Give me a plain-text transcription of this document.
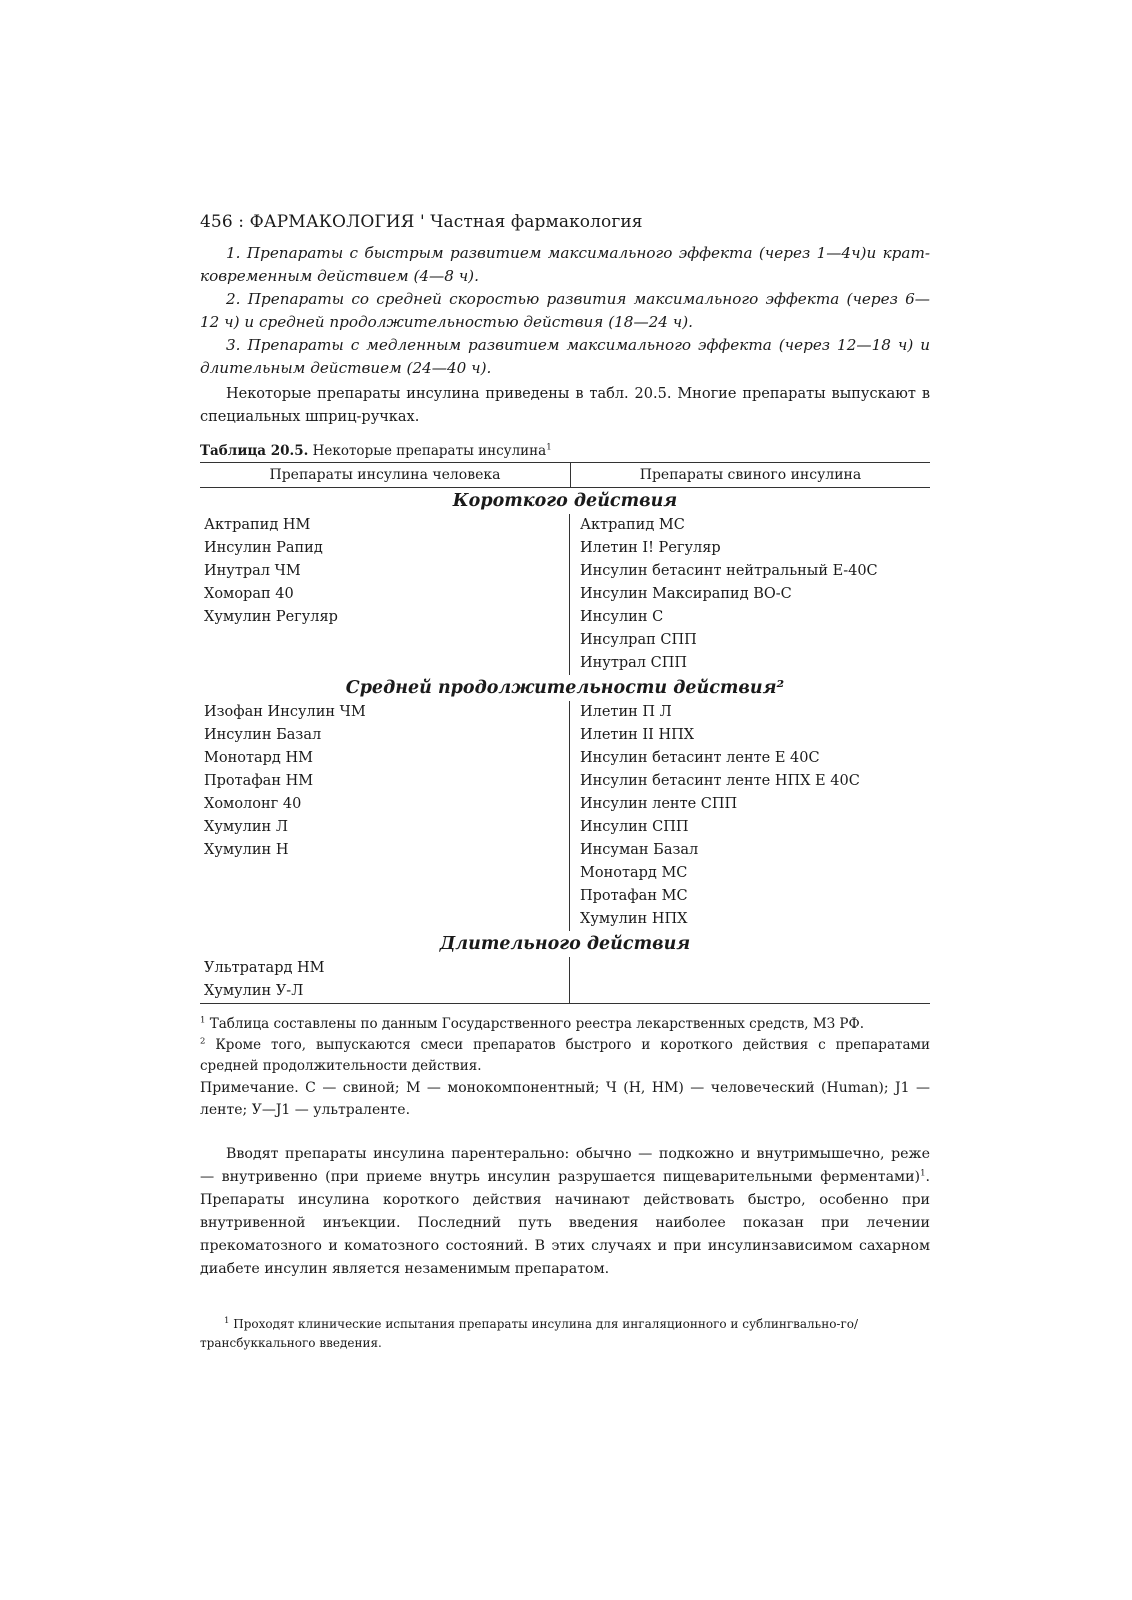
456 : ФАРМАКОЛОГИЯ ' Частная фармакология
1. Препараты с быстрым развитием максимального эффекта (через 1—4ч)и кратковременным действием (4—8 ч).
2. Препараты со средней скоростью развития максимального эффекта (через 6— 12 ч) и средней продолжительностью действия (18—24 ч).
3. Препараты с медленным развитием максимального эффекта (через 12—18 ч) и длительным действием (24—40 ч).
Некоторые препараты инсулина приведены в табл. 20.5. Многие препараты выпускают в специальных шприц-ручках.
Таблица 20.5. Некоторые препараты инсулина$^1$
Препараты инсулина человека	Препараты свиного инсулина
Короткого действия
Актрапид НМ
Инсулин Рапид
Инутрал ЧМ
Хоморап 40
Хумулин Регуляр
Актрапид МС
Илетин I! Регуляр
Инсулин бетасинт нейтральный Е-40С
Инсулин Максирапид ВО-С
Инсулин С
Инсулрап СПП
Инутрал СПП
Средней продолжительности действия²
Изофан Инсулин ЧМ
Инсулин Базал
Монотард НМ
Протафан НМ
Хомолонг 40
Хумулин Л
Хумулин Н
Илетин П Л
Илетин II НПХ
Инсулин бетасинт ленте Е 40С
Инсулин бетасинт ленте НПХ Е 40С
Инсулин ленте СПП
Инсулин СПП
Инсуман Базал
Монотард МС
Протафан МС
Хумулин НПХ
Длительного действия
Ультратард НМ
Хумулин У-Л
$^1$ Таблица составлены по данным Государственного реестра лекарственных средств, МЗ РФ.
$^2$ Кроме того, выпускаются смеси препаратов быстрого и короткого действия с препаратами средней продолжительности действия.
Примечание. С — свиной; М — монокомпонентный; Ч (Н, НМ) — человеческий (Human); J1 — ленте; У—J1 — ультраленте.
Вводят препараты инсулина парентерально: обычно — подкожно и внутримышечно, реже — внутривенно (при приеме внутрь инсулин разрушается пищеварительными ферментами)$^1$. Препараты инсулина короткого действия начинают действовать быстро, особенно при внутривенной инъекции. Последний путь введения наиболее показан при лечении прекоматозного и коматозного состояний. В этих случаях и при инсулинзависимом сахарном диабете инсулин является незаменимым препаратом.
$^1$ Проходят клинические испытания препараты инсулина для ингаляционного и сублингвально-го/трансбуккального введения.
